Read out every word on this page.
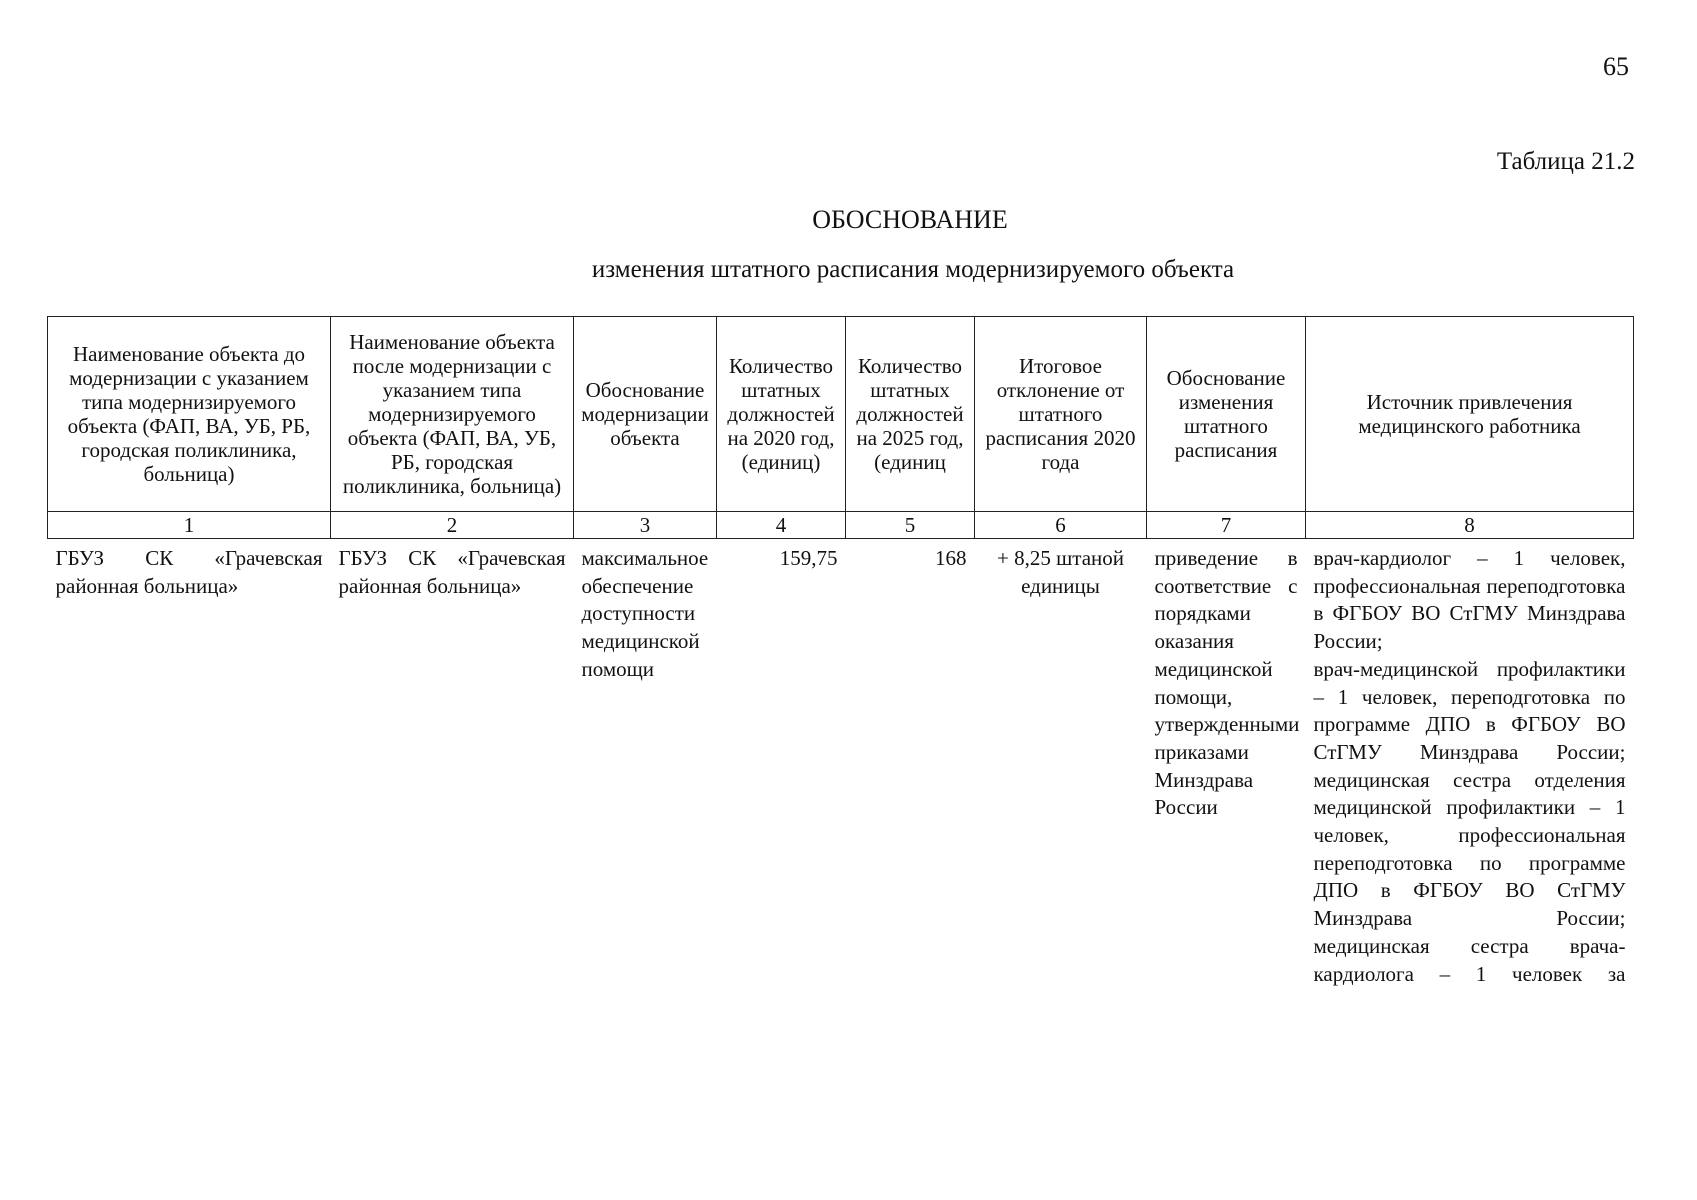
65
Таблица 21.2
ОБОСНОВАНИЕ
изменения штатного расписания модернизируемого объекта
Наименование объекта до модернизации с указанием типа модернизируемого объекта (ФАП, ВА, УБ, РБ, городская поликлиника, больница)	Наименование объекта после модернизации с указанием типа модернизируемого объекта (ФАП, ВА, УБ, РБ, городская поликлиника, больница)	Обоснование модернизации объекта	Количество штатных должностей на 2020 год, (единиц)	Количество штатных должностей на 2025 год, (единиц	Итоговое отклонение от штатного расписания 2020 года	Обоснование изменения штатного расписания	Источник привлечения медицинского работника
1	2	3	4	5	6	7	8
ГБУЗ СК «Грачевская районная больница»	ГБУЗ СК «Грачевская районная больница»	максимальное обеспечение доступности медицинской помощи	159,75	168	+ 8,25 штаной единицы	приведение в соответствие с порядками оказания медицинской помощи, утвержденными приказами Минздрава России	врач-кардиолог – 1 человек, профессиональная переподготовка в ФГБОУ ВО СтГМУ Минздрава России;
врач-медицинской профилактики – 1 человек, переподготовка по программе ДПО в ФГБОУ ВО СтГМУ Минздрава России;
медицинская сестра отделения медицинской профилактики – 1 человек, профессиональная переподготовка по программе ДПО в ФГБОУ ВО СтГМУ Минздрава России;
медицинская сестра врача-кардиолога – 1 человек за
